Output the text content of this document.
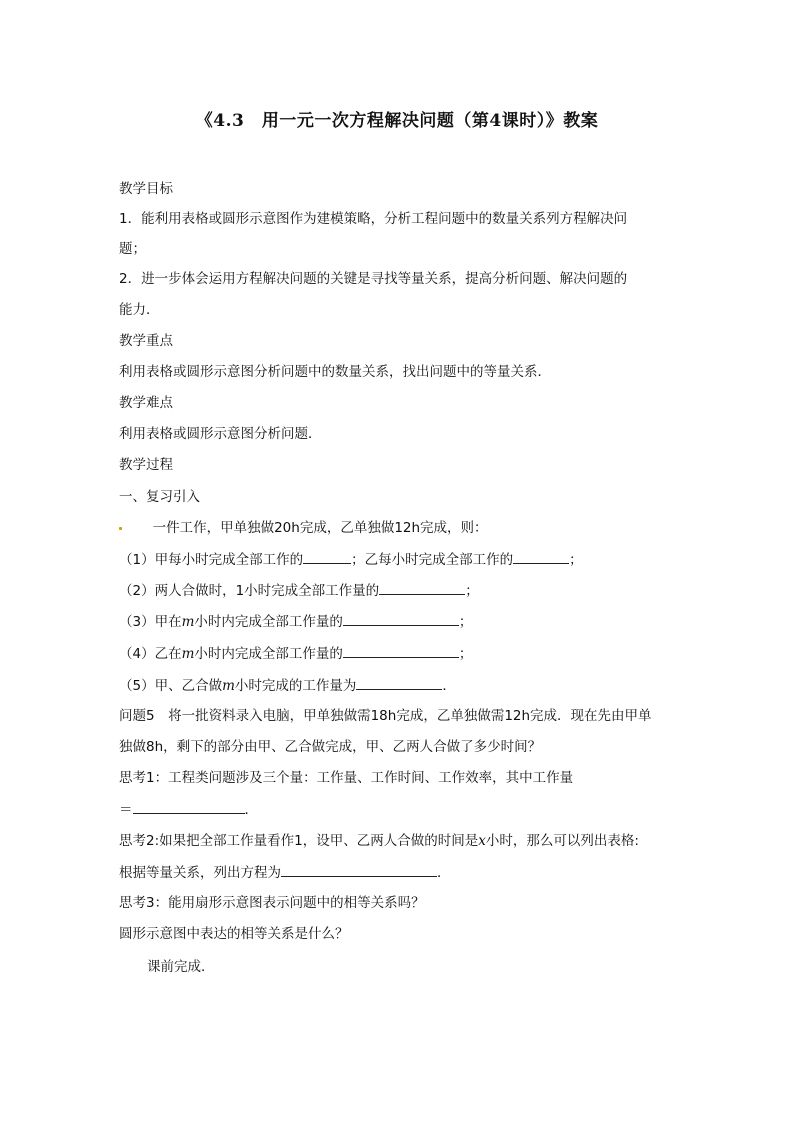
《4.3　用一元一次方程解决问题（第4课时）》教案
教学目标
1．能利用表格或圆形示意图作为建模策略，分析工程问题中的数量关系列方程解决问
题；
2．进一步体会运用方程解决问题的关键是寻找等量关系，提高分析问题、解决问题的
能力．
教学重点
利用表格或圆形示意图分析问题中的数量关系，找出问题中的等量关系．
教学难点
利用表格或圆形示意图分析问题．
教学过程
一、复习引入
一件工作，甲单独做20h完成，乙单独做12h完成，则：
（1）甲每小时完成全部工作的	；乙每小时完成全部工作的	；
（2）两人合做时，1小时完成全部工作量的	；
（3）甲在m小时内完成全部工作量的	；
（4）乙在m小时内完成全部工作量的	；
（5）甲、乙合做m小时完成的工作量为	．
问题5　将一批资料录入电脑，甲单独做需18h完成，乙单独做需12h完成．现在先由甲单
独做8h，剩下的部分由甲、乙合做完成，甲、乙两人合做了多少时间？
思考1：工程类问题涉及三个量：工作量、工作时间、工作效率，其中工作量
＝	．
思考2:如果把全部工作量看作1，设甲、乙两人合做的时间是x小时，那么可以列出表格:
根据等量关系，列出方程为	．
思考3：能用扇形示意图表示问题中的相等关系吗？
圆形示意图中表达的相等关系是什么？
课前完成．
